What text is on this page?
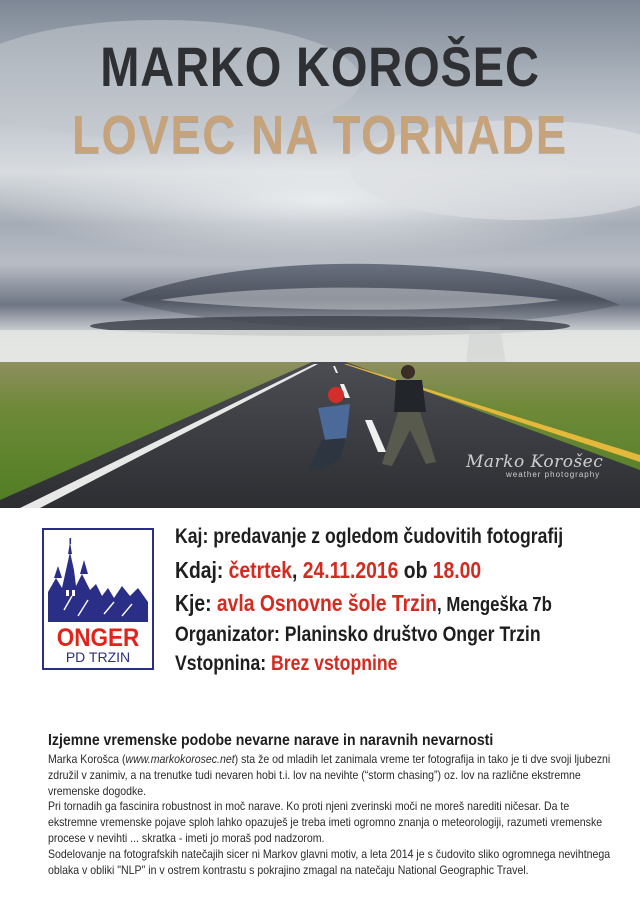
MARKO KOROŠEC
LOVEC NA TORNADE
Marko Korošec
weather photography
ONGER
PD TRZIN
Kaj: predavanje z ogledom čudovitih fotografij
Kdaj: četrtek, 24.11.2016 ob 18.00
Kje: avla Osnovne šole Trzin, Mengeška 7b
Organizator: Planinsko društvo Onger Trzin
Vstopnina: Brez vstopnine
Izjemne vremenske podobe nevarne narave in naravnih nevarnosti

Marka Korošca (www.markokorosec.net) sta že od mladih let zanimala vreme ter fotografija in tako je ti dve svoji ljubezni združil v zanimiv, a na trenutke tudi nevaren hobi t.i. lov na nevihte (“storm chasing”) oz. lov na različne ekstremne vremenske dogodke.

Pri tornadih ga fascinira robustnost in moč narave. Ko proti njeni zverinski moči ne moreš narediti ničesar. Da te ekstremne vremenske pojave sploh lahko opazuješ je treba imeti ogromno znanja o meteorologiji, razumeti vremenske procese v nevihti ... skratka - imeti jo moraš pod nadzorom.

Sodelovanje na fotografskih natečajih sicer ni Markov glavni motiv, a leta 2014 je s čudovito sliko ogromnega nevihtnega oblaka v obliki "NLP" in v ostrem kontrastu s pokrajino zmagal na natečaju National Geographic Travel.
